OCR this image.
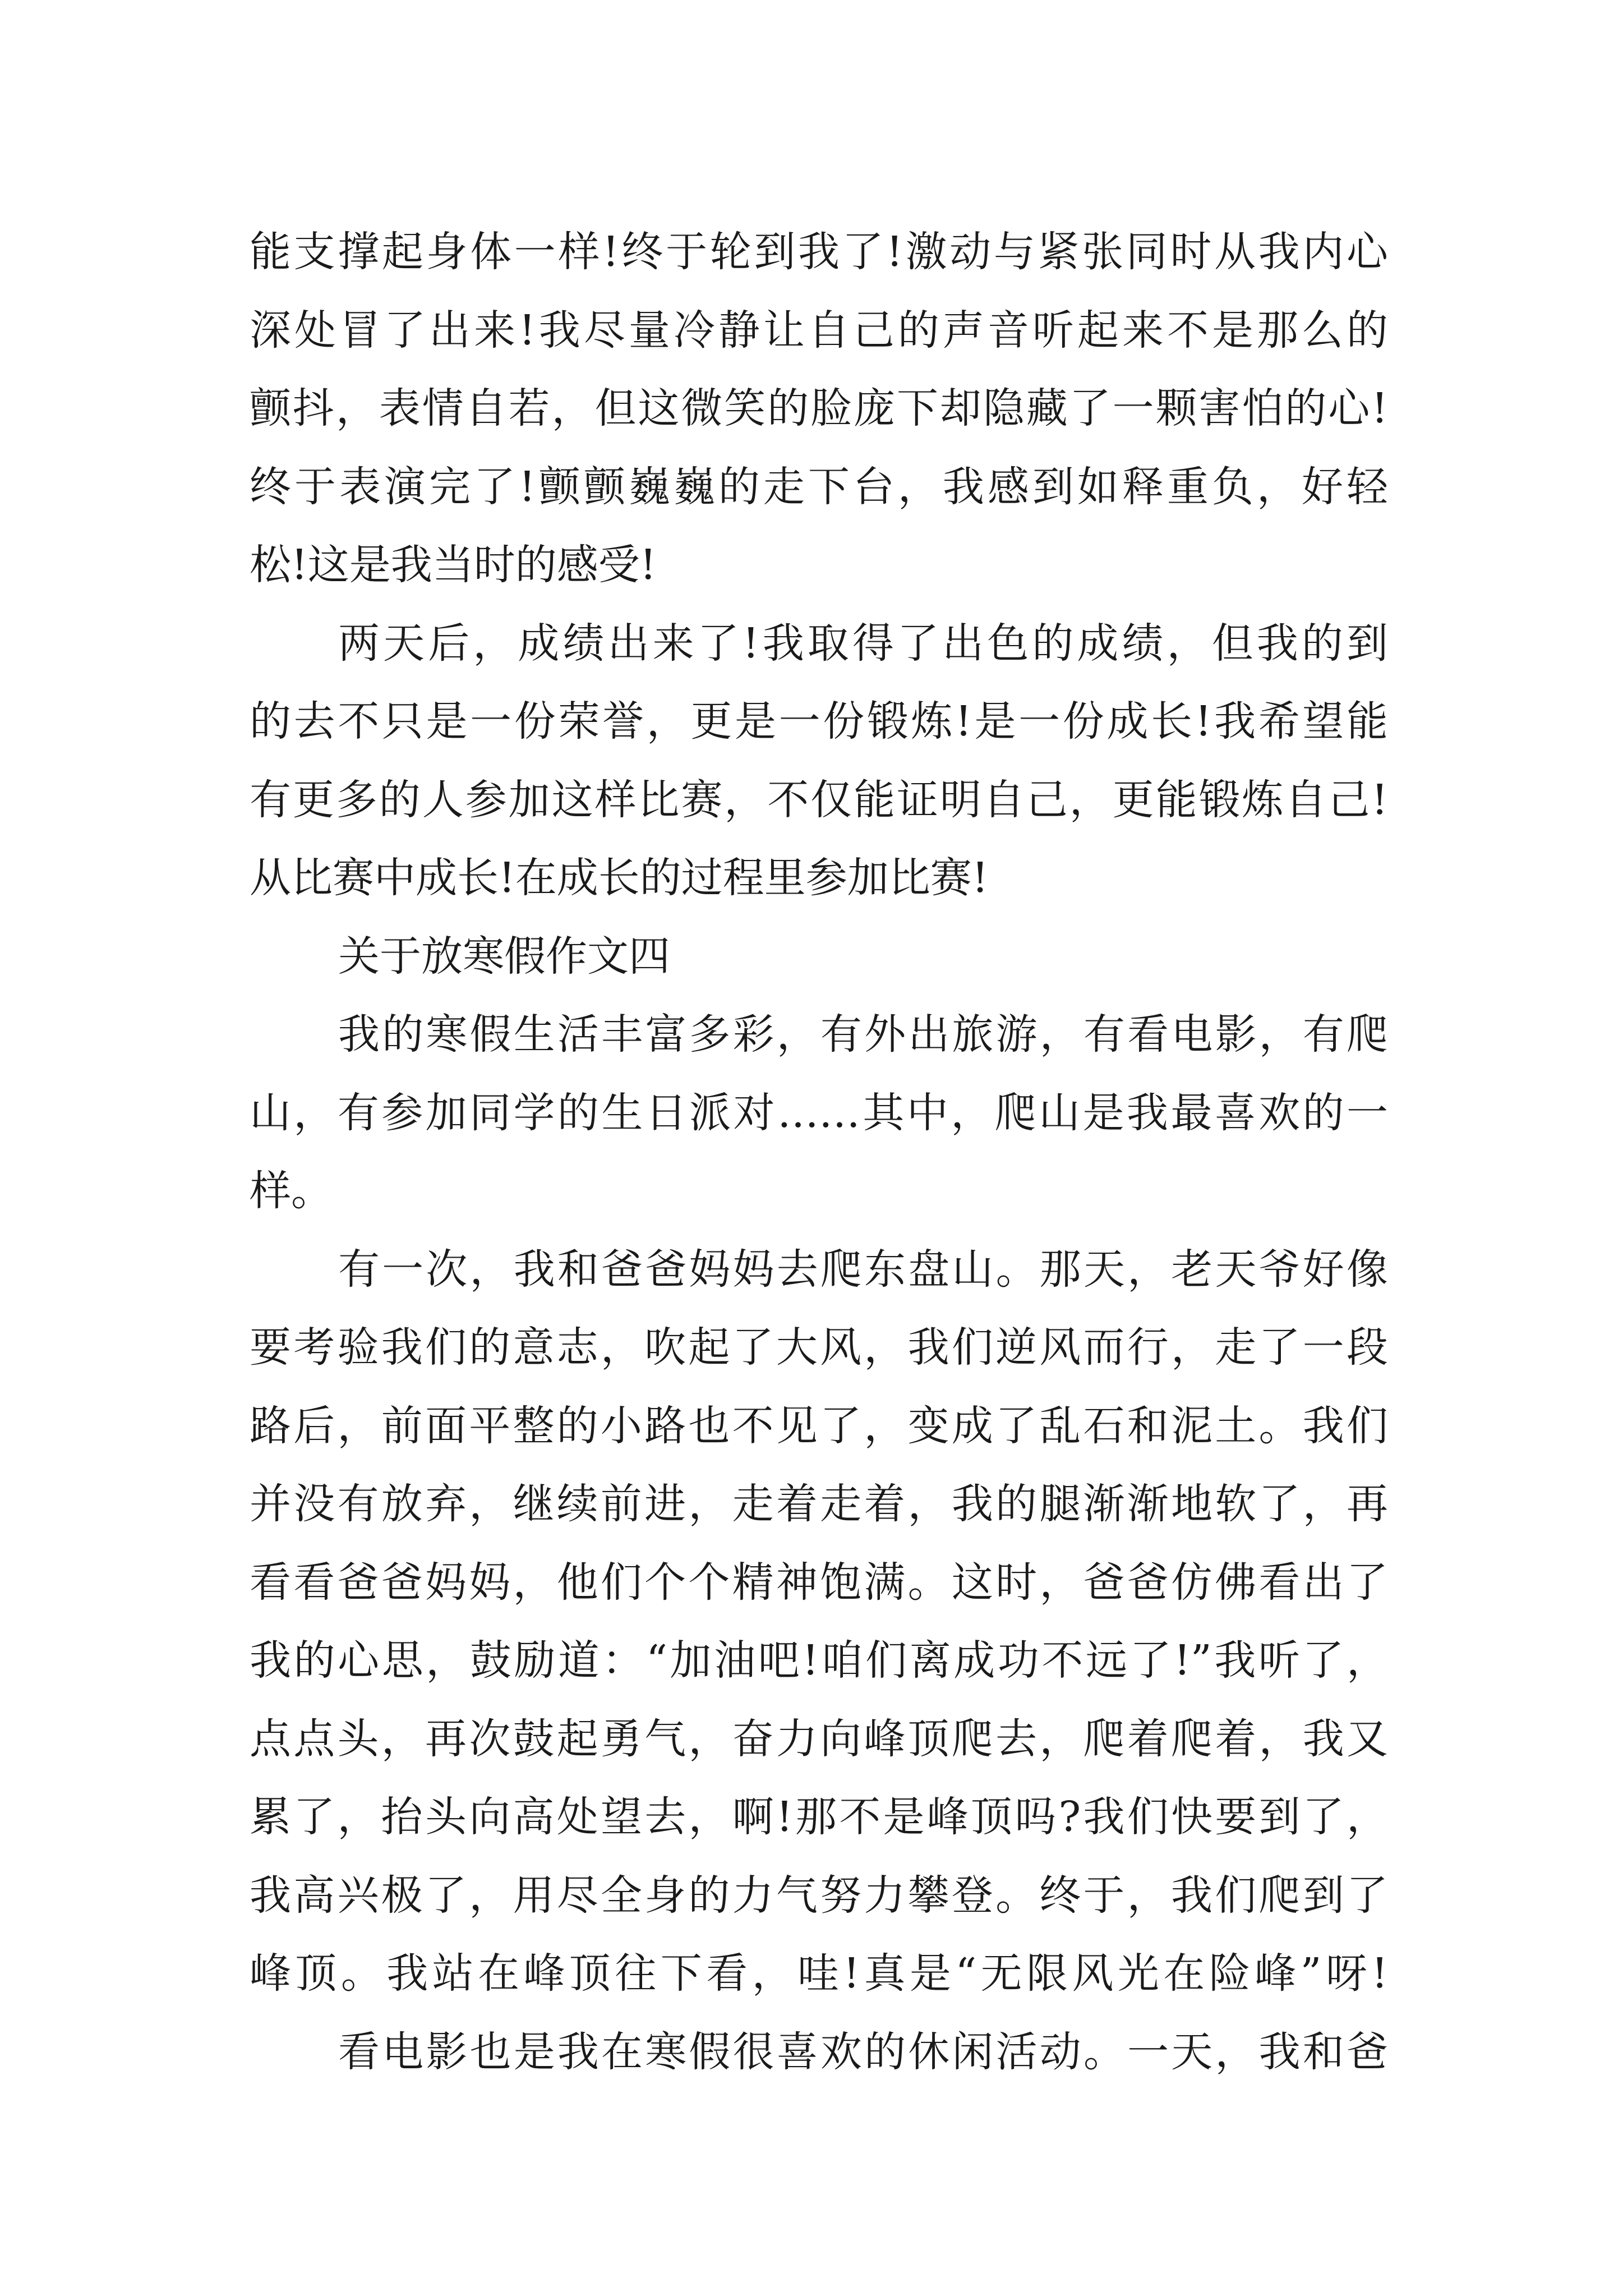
能支撑起身体一样!终于轮到我了!激动与紧张同时从我内心
深处冒了出来!我尽量冷静让自己的声音听起来不是那么的
颤抖，表情自若，但这微笑的脸庞下却隐藏了一颗害怕的心!
终于表演完了!颤颤巍巍的走下台，我感到如释重负，好轻
松!这是我当时的感受!
两天后，成绩出来了!我取得了出色的成绩，但我的到
的去不只是一份荣誉，更是一份锻炼!是一份成长!我希望能
有更多的人参加这样比赛，不仅能证明自己，更能锻炼自己!
从比赛中成长!在成长的过程里参加比赛!
关于放寒假作文四
我的寒假生活丰富多彩，有外出旅游，有看电影，有爬
山，有参加同学的生日派对……其中，爬山是我最喜欢的一
样。
有一次，我和爸爸妈妈去爬东盘山。那天，老天爷好像
要考验我们的意志，吹起了大风，我们逆风而行，走了一段
路后，前面平整的小路也不见了，变成了乱石和泥土。我们
并没有放弃，继续前进，走着走着，我的腿渐渐地软了，再
看看爸爸妈妈，他们个个精神饱满。这时，爸爸仿佛看出了
我的心思，鼓励道：“加油吧!咱们离成功不远了!”我听了，
点点头，再次鼓起勇气，奋力向峰顶爬去，爬着爬着，我又
累了，抬头向高处望去，啊!那不是峰顶吗?我们快要到了，
我高兴极了，用尽全身的力气努力攀登。终于，我们爬到了
峰顶。我站在峰顶往下看，哇!真是“无限风光在险峰”呀!
看电影也是我在寒假很喜欢的休闲活动。一天，我和爸
